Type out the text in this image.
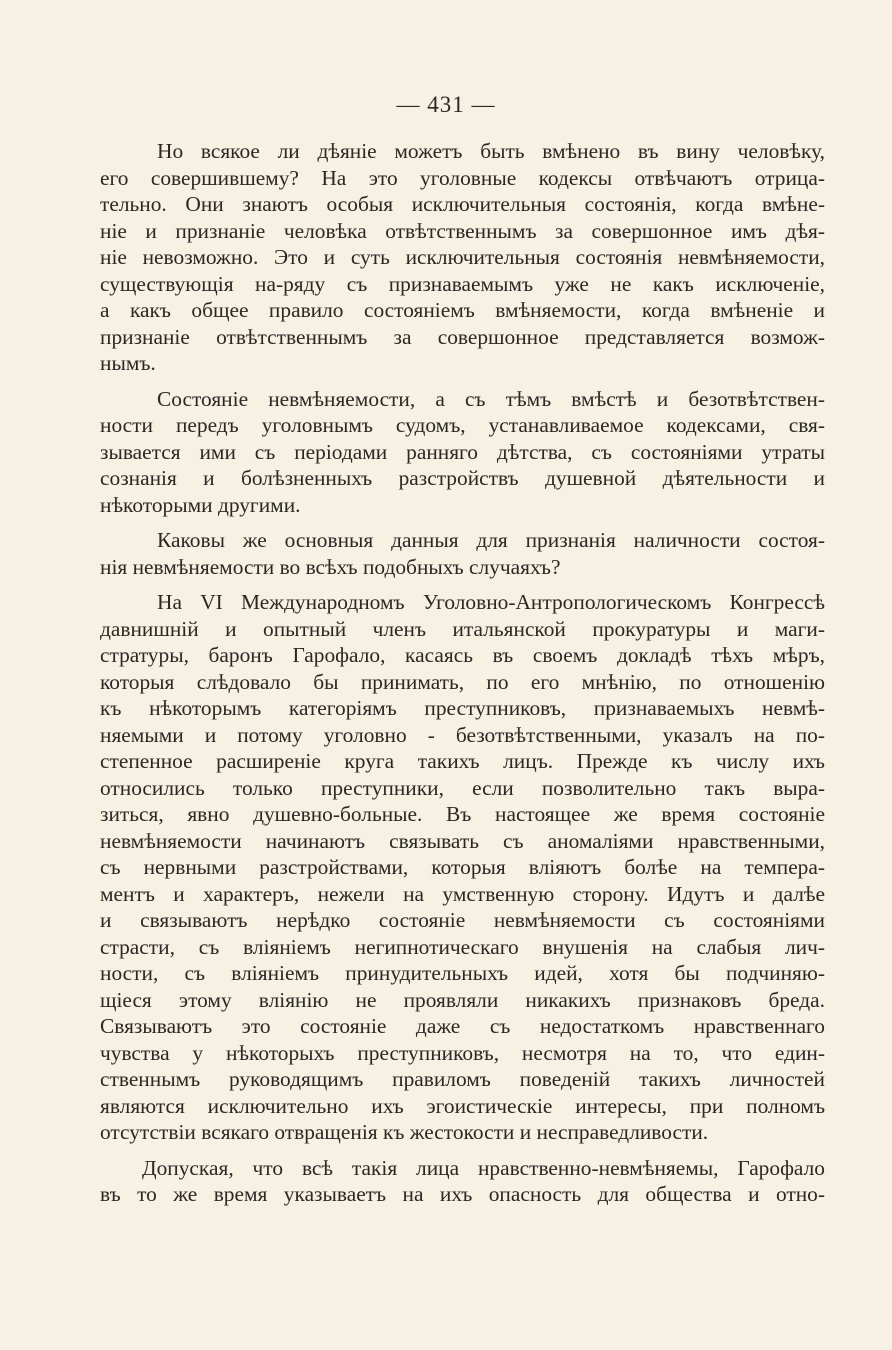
— 431 —

Но всякое ли дѣяніе можетъ быть вмѣнено въ вину человѣку,
его совершившему? На это уголовные кодексы отвѣчаютъ отрица-
тельно. Они знаютъ особыя исключительныя состоянія, когда вмѣне-
ніе и признаніе человѣка отвѣтственнымъ за совершонное имъ дѣя-
ніе невозможно. Это и суть исключительныя состоянія невмѣняемости,
существующія на-ряду съ признаваемымъ уже не какъ исключеніе,
а какъ общее правило состояніемъ вмѣняемости, когда вмѣненіе и
признаніе отвѣтственнымъ за совершонное представляется возмож-
нымъ.

Состояніе невмѣняемости, а съ тѣмъ вмѣстѣ и безотвѣтствен-
ности передъ уголовнымъ судомъ, устанавливаемое кодексами, свя-
зывается ими съ періодами ранняго дѣтства, съ состояніями утраты
сознанія и болѣзненныхъ разстройствъ душевной дѣятельности и
нѣкоторыми другими.

Каковы же основныя данныя для признанія наличности состоя-
нія невмѣняемости во всѣхъ подобныхъ случаяхъ?

На VI Международномъ Уголовно-Антропологическомъ Конгрессѣ
давнишній и опытный членъ итальянской прокуратуры и маги-
стратуры, баронъ Гарофало, касаясь въ своемъ докладѣ тѣхъ мѣръ,
которыя слѣдовало бы принимать, по его мнѣнію, по отношенію
къ нѣкоторымъ категоріямъ преступниковъ, признаваемыхъ невмѣ-
няемыми и потому уголовно - безотвѣтственными, указалъ на по-
степенное расширеніе круга такихъ лицъ. Прежде къ числу ихъ
относились только преступники, если позволительно такъ выра-
зиться, явно душевно-больные. Въ настоящее же время состояніе
невмѣняемости начинаютъ связывать съ аномаліями нравственными,
съ нервными разстройствами, которыя вліяютъ болѣе на темпера-
ментъ и характеръ, нежели на умственную сторону. Идутъ и далѣе
и связываютъ нерѣдко состояніе невмѣняемости съ состояніями
страсти, съ вліяніемъ негипнотическаго внушенія на слабыя лич-
ности, съ вліяніемъ принудительныхъ идей, хотя бы подчиняю-
щіеся этому вліянію не проявляли никакихъ признаковъ бреда.
Связываютъ это состояніе даже съ недостаткомъ нравственнаго
чувства у нѣкоторыхъ преступниковъ, несмотря на то, что един-
ственнымъ руководящимъ правиломъ поведеній такихъ личностей
являются исключительно ихъ эгоистическіе интересы, при полномъ
отсутствіи всякаго отвращенія къ жестокости и несправедливости.

Допуская, что всѣ такія лица нравственно-невмѣняемы, Гарофало
въ то же время указываетъ на ихъ опасность для общества и отно-
